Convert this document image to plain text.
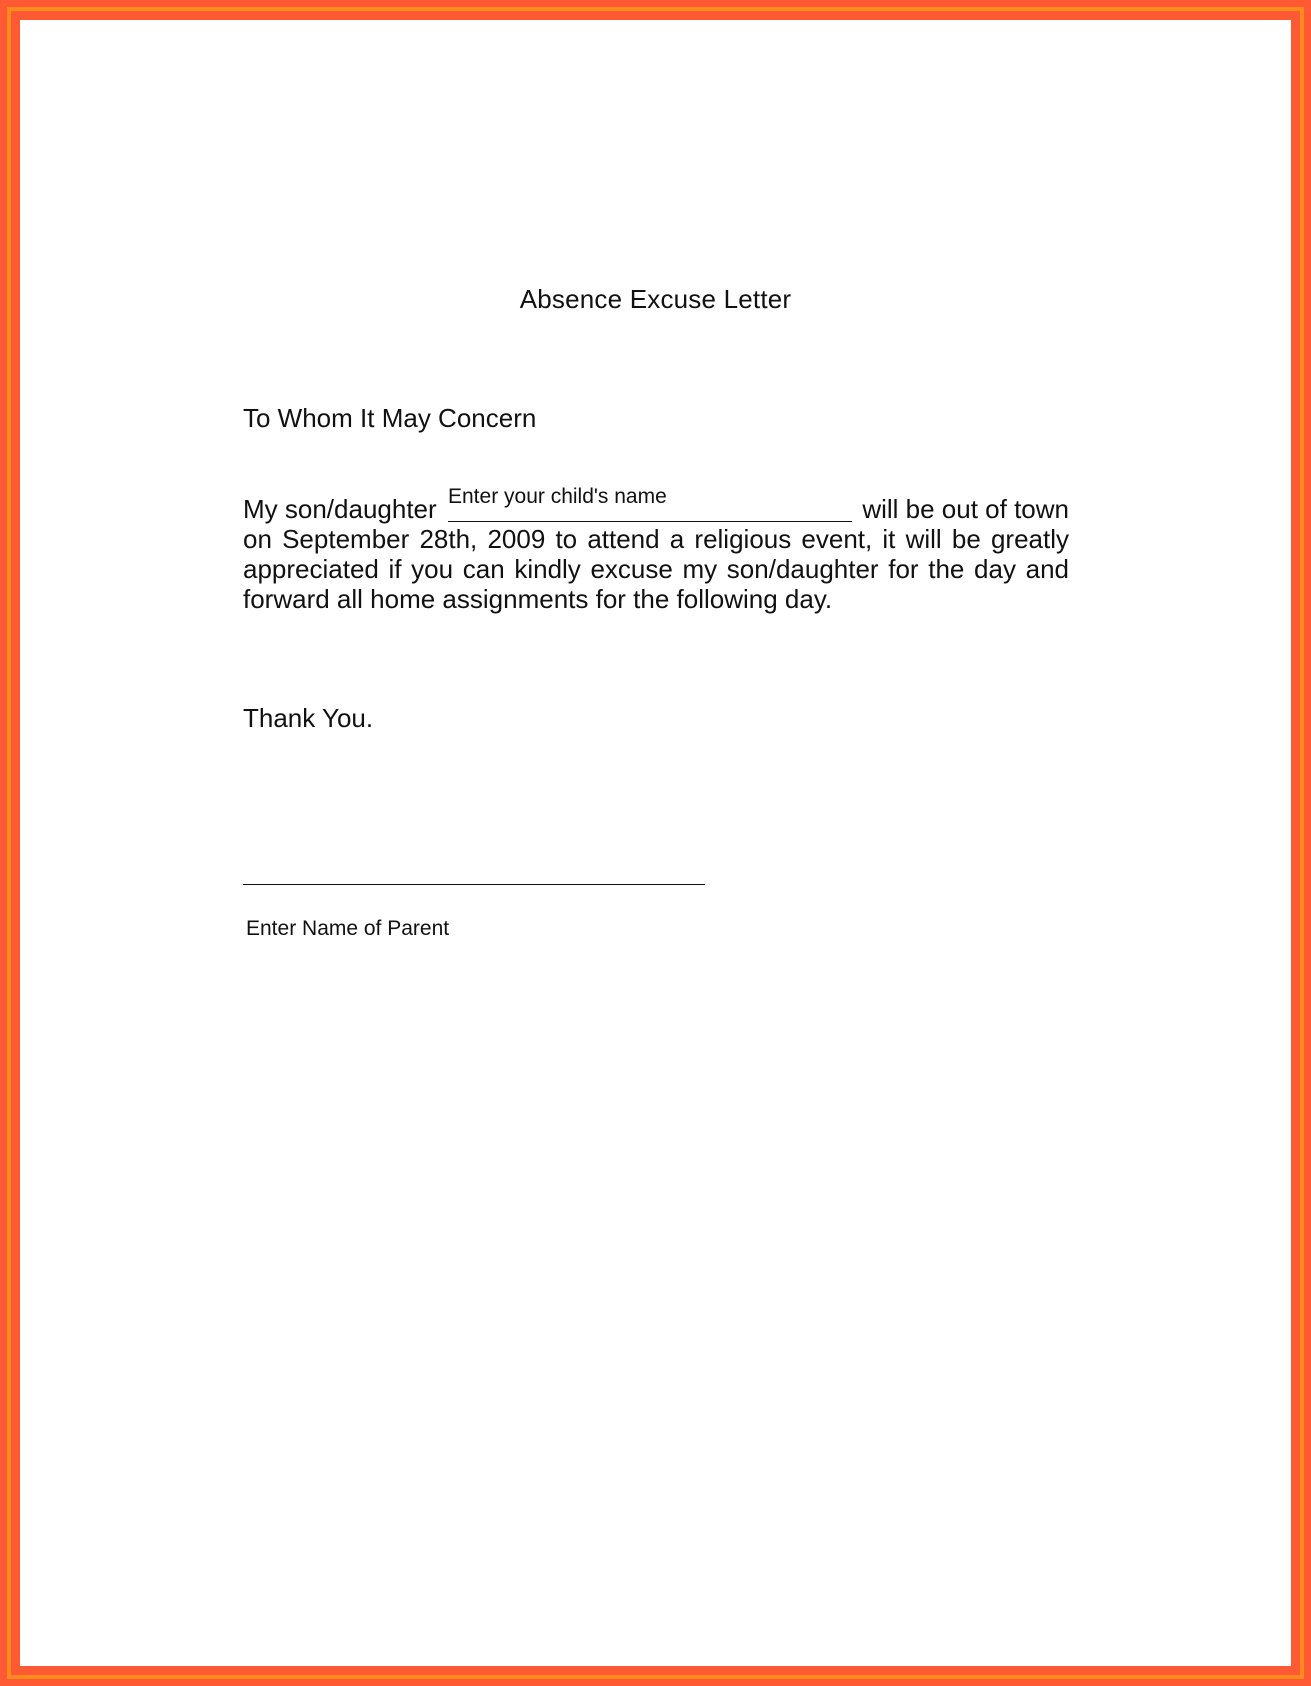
Absence Excuse Letter
To Whom It May Concern
My son/daughter	will be out of town
Enter your child's name
on September 28th, 2009 to attend a religious event, it will be greatly
appreciated if you can kindly excuse my son/daughter for the day and
forward all home assignments for the following day.
Thank You.
Enter Name of Parent
